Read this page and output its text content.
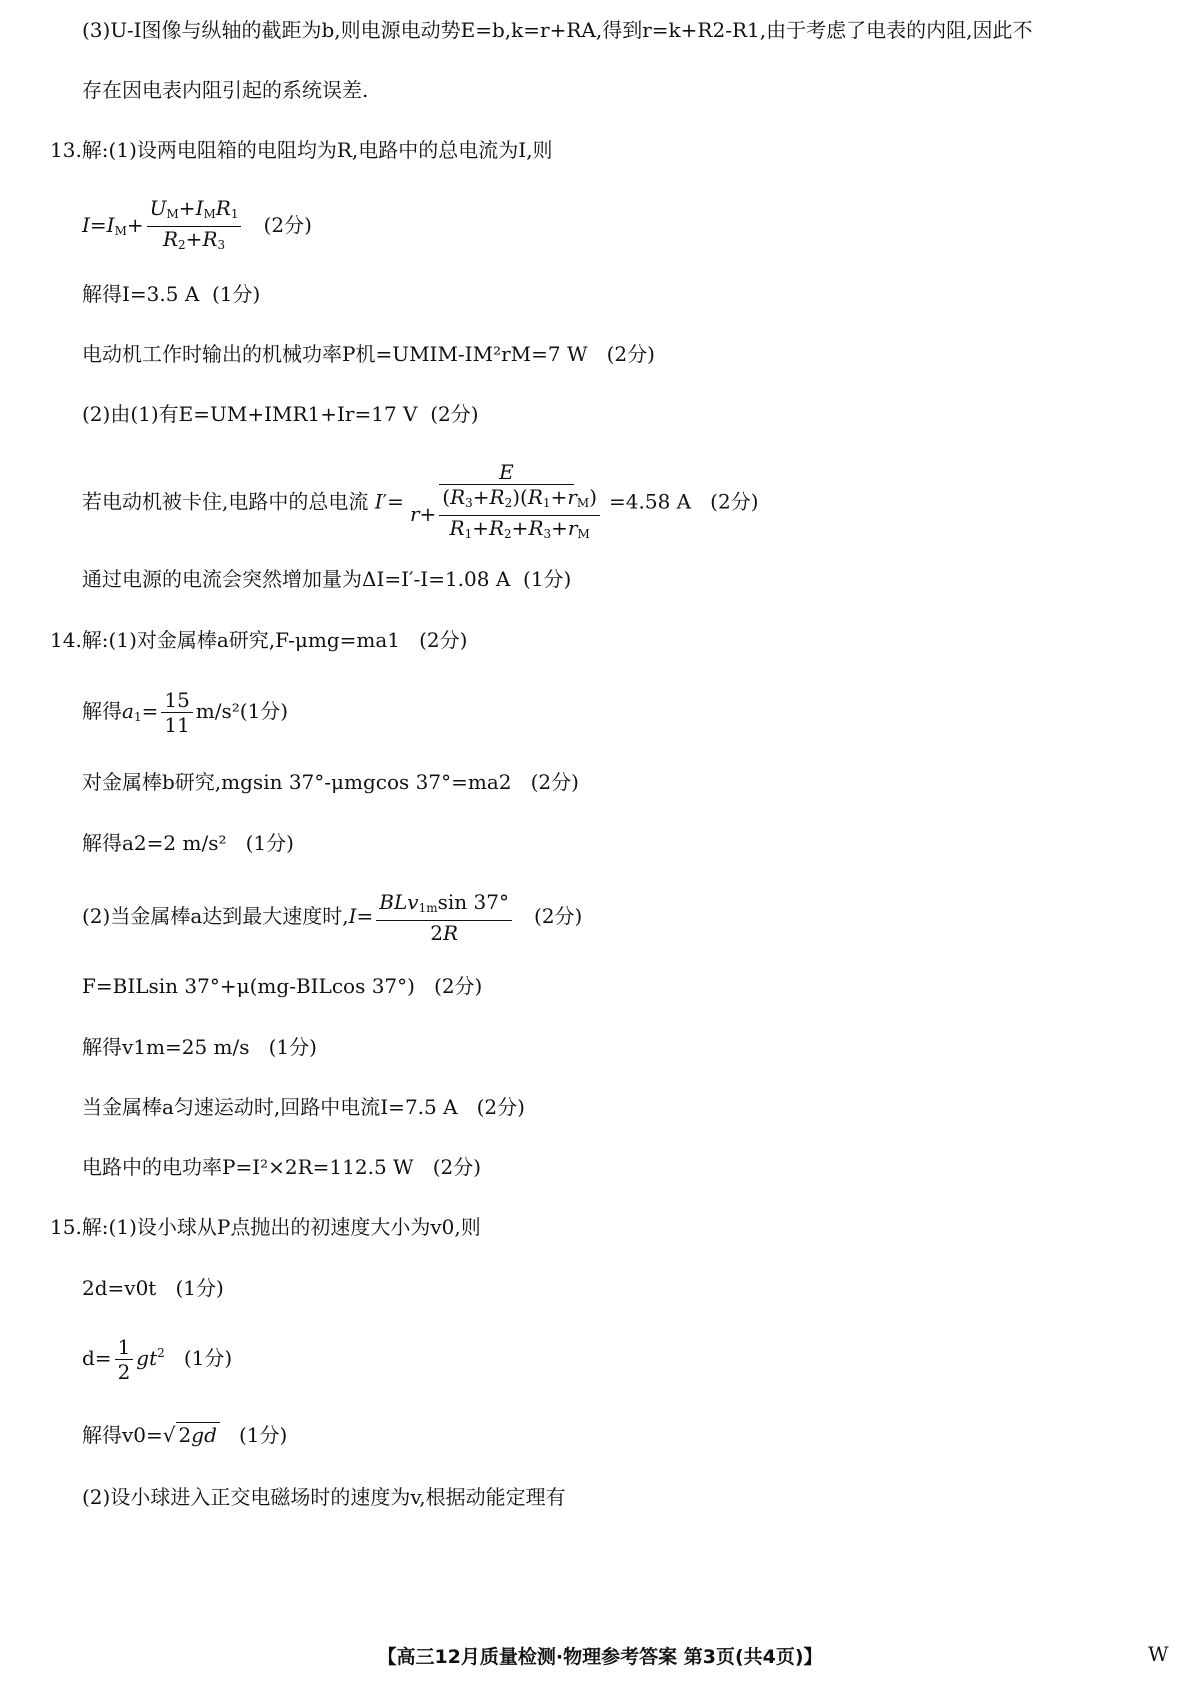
(3)U-I图像与纵轴的截距为b,则电源电动势E=b,k=r+RA,得到r=k+R2-R1,由于考虑了电表的内阻,因此不
存在因电表内阻引起的系统误差.
13.解:(1)设两电阻箱的电阻均为R,电路中的总电流为I,则
$I=I_M+ \frac{U_M+I_MR_1}{R_2+R_3} (2$分)
解得I=3.5 A (1分)
电动机工作时输出的机械功率P机=UMIM-IM²rM=7 W (2分)
(2)由(1)有E=UM+IMR1+Ir=17 V (2分)
若电动机被卡住,电路中的总电流 $I'= \frac{E}{r+ \frac{(R_3+R_2)(R_1+r_M)}{R_1+R_2+R_3+r_M}} =4.58$ A (2分)
通过电源的电流会突然增加量为ΔI=I′-I=1.08 A (1分)
14.解:(1)对金属棒a研究,F-μmg=ma1 (2分)
解得$a_1= \frac{15}{11} m/s^2(1$分)
对金属棒b研究,mgsin 37°-μmgcos 37°=ma2 (2分)
解得a2=2 m/s² (1分)
(2)当金属棒a达到最大速度时$,I= \frac{BLv_{1m}\sin 37^\circ}{2R} (2$分)
F=BILsin 37°+μ(mg-BILcos 37°) (2分)
解得v1m=25 m/s (1分)
当金属棒a匀速运动时,回路中电流I=7.5 A (2分)
电路中的电功率P=I²×2R=112.5 W (2分)
15.解:(1)设小球从P点抛出的初速度大小为v0,则
2d=v0t (1分)
$d= \frac{1}{2} gt^2$ (1分)
解得v0=√ 2gd (1分)
(2)设小球进入正交电磁场时的速度为v,根据动能定理有
【高三12月质量检测·物理参考答案 第3页(共4页)】	W
